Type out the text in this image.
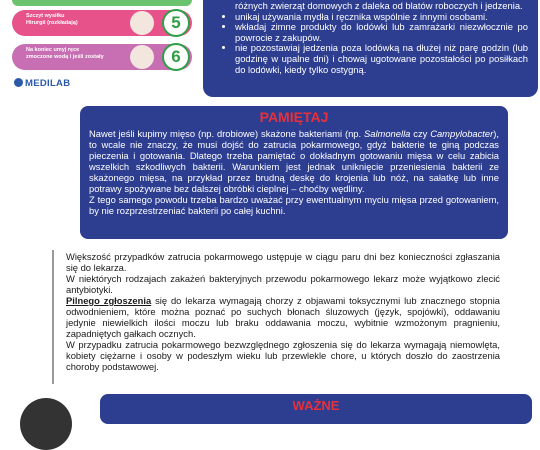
Szczyt wysiłku
Hirurgii (rozkładają)	5
Na koniec umyj ręce
zmoczone wodą i jeśli zostały	6
MEDILAB
różnych zwierząt domowych z daleka od blatów roboczych i jedzenia.
• unikaj używania mydła i ręcznika wspólnie z innymi osobami.
• wkładaj zimne produkty do lodówki lub zamrażarki niezwłocznie po powrocie z zakupów.
• nie pozostawiaj jedzenia poza lodówką na dłużej niż parę godzin (lub godzinę w upalne dni) i chowaj ugotowane pozostałości po posiłkach do lodówki, kiedy tylko ostygną.
PAMIĘTAJ

Nawet jeśli kupimy mięso (np. drobiowe) skażone bakteriami (np. Salmonella czy Campylobacter), to wcale nie znaczy, że musi dojść do zatrucia pokarmowego, gdyż bakterie te giną podczas pieczenia i gotowania. Dlatego trzeba pamiętać o dokładnym gotowaniu mięsa w celu zabicia wszelkich szkodliwych bakterii. Warunkiem jest jednak uniknięcie przeniesienia bakterii ze skażonego mięsa, na przykład przez brudną deskę do krojenia lub nóż, na sałatkę lub inne potrawy spożywane bez dalszej obróbki cieplnej – choćby wędliny.

Z tego samego powodu trzeba bardzo uważać przy ewentualnym myciu mięsa przed gotowaniem, by nie rozprzestrzeniać bakterii po całej kuchni.

Większość przypadków zatrucia pokarmowego ustępuje w ciągu paru dni bez konieczności zgłaszania się do lekarza.

W niektórych rodzajach zakażeń bakteryjnych przewodu pokarmowego lekarz może wyjątkowo zlecić antybiotyki.

Pilnego zgłoszenia się do lekarza wymagają chorzy z objawami toksycznymi lub znacznego stopnia odwodnieniem, które można poznać po suchych błonach śluzowych (język, spojówki), oddawaniu jedynie niewielkich ilości moczu lub braku oddawania moczu, wybitnie wzmożonym pragnieniu, zapadniętych gałkach ocznych.

W przypadku zatrucia pokarmowego bezwzględnego zgłoszenia się do lekarza wymagają niemowlęta, kobiety ciężarne i osoby w podeszłym wieku lub przewlekle chore, u których doszło do zaostrzenia choroby podstawowej.

WAŻNE
